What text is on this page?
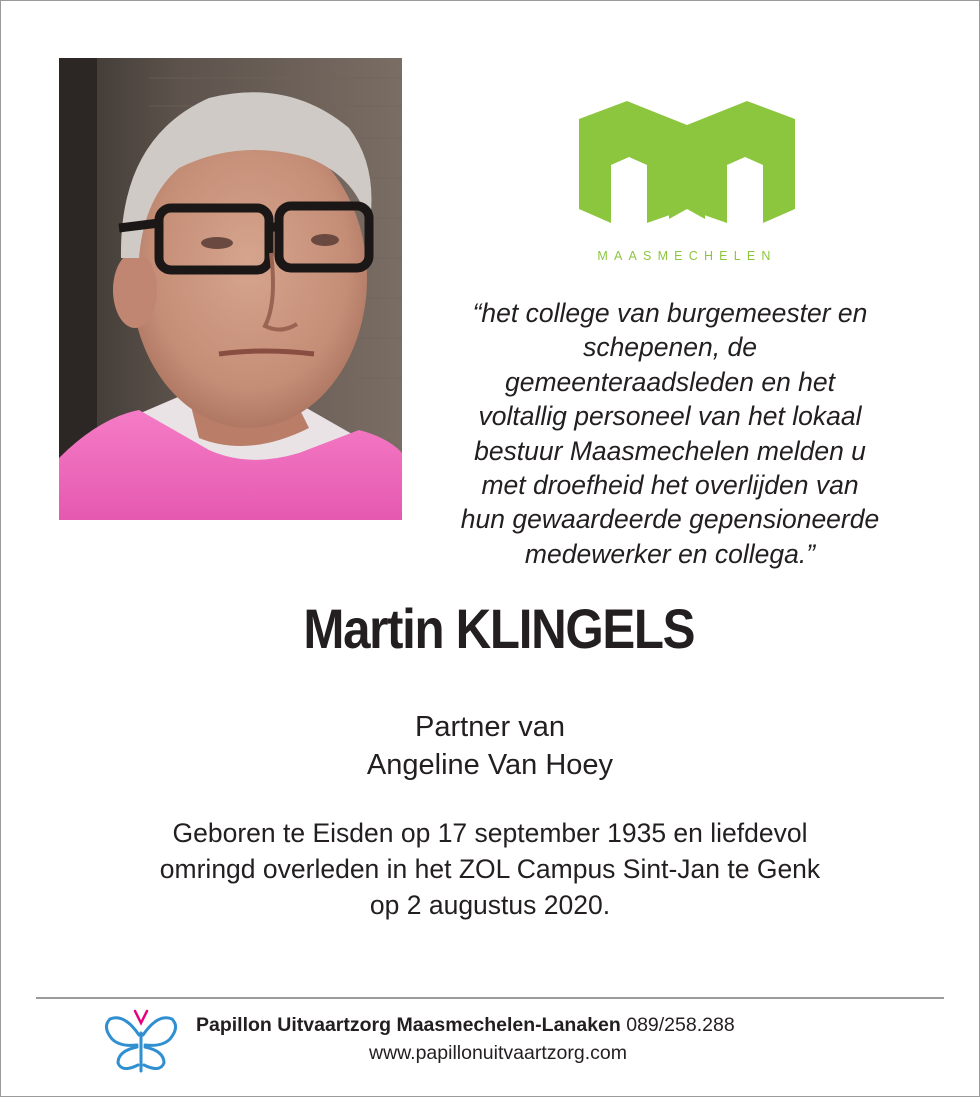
MAASMECHELEN
“het college van burgemeester en
schepenen, de
gemeenteraadsleden en het
voltallig personeel van het lokaal
bestuur Maasmechelen melden u
met droefheid het overlijden van
hun gewaardeerde gepensioneerde
medewerker en collega.”
Martin KLINGELS
Partner van
Angeline Van Hoey
Geboren te Eisden op 17 september 1935 en liefdevol
omringd overleden in het ZOL Campus Sint-Jan te Genk
op 2 augustus 2020.
Papillon Uitvaartzorg Maasmechelen-Lanaken 089/258.288
www.papillonuitvaartzorg.com
